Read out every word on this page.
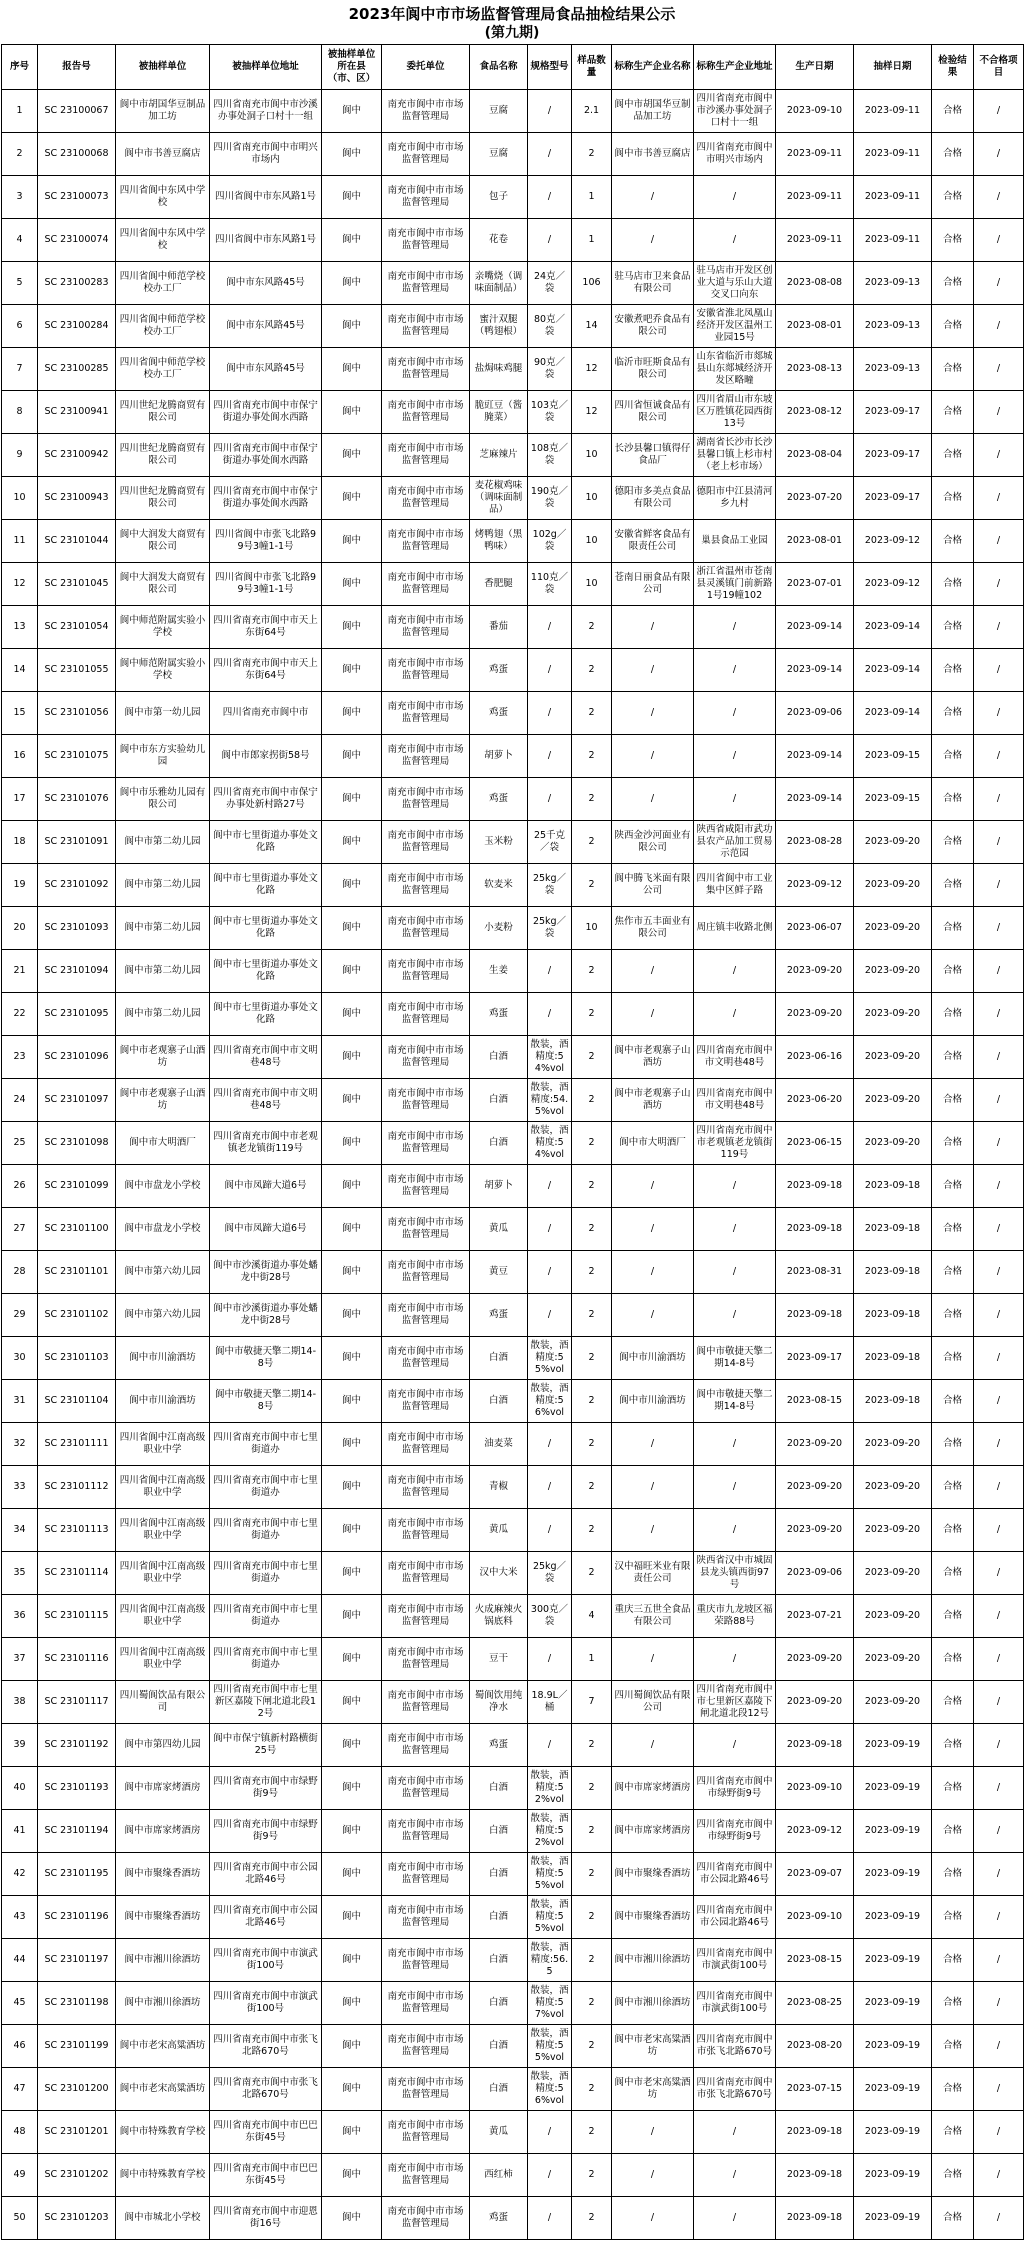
2023年阆中市市场监督管理局食品抽检结果公示
(第九期)
序号	报告号	被抽样单位	被抽样单位地址	被抽样单位所在县（市、区）	委托单位	食品名称	规格型号	样品数量	标称生产企业名称	标称生产企业地址	生产日期	抽样日期	检验结果	不合格项目
1	SC 23100067	阆中市胡国华豆制品加工坊	四川省南充市阆中市沙溪办事处洞子口村十一组	阆中	南充市阆中市市场监督管理局	豆腐	/	2.1	阆中市胡国华豆制品加工坊	四川省南充市阆中市沙溪办事处洞子口村十一组	2023-09-10	2023-09-11	合格	/
2	SC 23100068	阆中市书善豆腐店	四川省南充市阆中市明兴市场内	阆中	南充市阆中市市场监督管理局	豆腐	/	2	阆中市书善豆腐店	四川省南充市阆中市明兴市场内	2023-09-11	2023-09-11	合格	/
3	SC 23100073	四川省阆中东风中学校	四川省阆中市东风路1号	阆中	南充市阆中市市场监督管理局	包子	/	1	/	/	2023-09-11	2023-09-11	合格	/
4	SC 23100074	四川省阆中东风中学校	四川省阆中市东风路1号	阆中	南充市阆中市市场监督管理局	花卷	/	1	/	/	2023-09-11	2023-09-11	合格	/
5	SC 23100283	四川省阆中师范学校校办工厂	阆中市东风路45号	阆中	南充市阆中市市场监督管理局	亲嘴烧（调味面制品）	24克／袋	106	驻马店市卫来食品有限公司	驻马店市开发区创业大道与乐山大道交叉口向东	2023-08-08	2023-09-13	合格	/
6	SC 23100284	四川省阆中师范学校校办工厂	阆中市东风路45号	阆中	南充市阆中市市场监督管理局	蜜汁双腿（鸭翅根）	80克／袋	14	安徽煮吧乔食品有限公司	安徽省淮北凤凰山经济开发区温州工业园15号	2023-08-01	2023-09-13	合格	/
7	SC 23100285	四川省阆中师范学校校办工厂	阆中市东风路45号	阆中	南充市阆中市市场监督管理局	盐焗味鸡腿	90克／袋	12	临沂市旺斯食品有限公司	山东省临沂市郯城县山东郯城经济开发区略疃	2023-08-13	2023-09-13	合格	/
8	SC 23100941	四川世纪龙腾商贸有限公司	四川省南充市阆中市保宁街道办事处阆水西路	阆中	南充市阆中市市场监督管理局	脆豇豆（酱腌菜）	103克／袋	12	四川省恒诚食品有限公司	四川省眉山市东坡区万胜镇花园西街13号	2023-08-12	2023-09-17	合格	/
9	SC 23100942	四川世纪龙腾商贸有限公司	四川省南充市阆中市保宁街道办事处阆水西路	阆中	南充市阆中市市场监督管理局	芝麻辣片	108克／袋	10	长沙县馨口镇得仔食品厂	湖南省长沙市长沙县馨口镇上杉市村（老上杉市场）	2023-08-04	2023-09-17	合格	/
10	SC 23100943	四川世纪龙腾商贸有限公司	四川省南充市阆中市保宁街道办事处阆水西路	阆中	南充市阆中市市场监督管理局	麦花椒鸡味（调味面制品）	190克／袋	10	德阳市多美点食品有限公司	德阳市中江县清河乡九村	2023-07-20	2023-09-17	合格	/
11	SC 23101044	阆中大润发大商贸有限公司	四川省阆中市张飞北路99号3幢1-1号	阆中	南充市阆中市市场监督管理局	烤鸭翅（黑鸭味）	102g／袋	10	安徽省鲜客食品有限责任公司	巢县食品工业园	2023-08-01	2023-09-12	合格	/
12	SC 23101045	阆中大润发大商贸有限公司	四川省阆中市张飞北路99号3幢1-1号	阆中	南充市阆中市市场监督管理局	香肥腿	110克／袋	10	苍南日丽食品有限公司	浙江省温州市苍南县灵溪镇门前新路1号19幢102	2023-07-01	2023-09-12	合格	/
13	SC 23101054	阆中师范附属实验小学校	四川省南充市阆中市天上东街64号	阆中	南充市阆中市市场监督管理局	番茄	/	2	/	/	2023-09-14	2023-09-14	合格	/
14	SC 23101055	阆中师范附属实验小学校	四川省南充市阆中市天上东街64号	阆中	南充市阆中市市场监督管理局	鸡蛋	/	2	/	/	2023-09-14	2023-09-14	合格	/
15	SC 23101056	阆中市第一幼儿园	四川省南充市阆中市	阆中	南充市阆中市市场监督管理局	鸡蛋	/	2	/	/	2023-09-06	2023-09-14	合格	/
16	SC 23101075	阆中市东方实验幼儿园	阆中市郎家拐街58号	阆中	南充市阆中市市场监督管理局	胡萝卜	/	2	/	/	2023-09-14	2023-09-15	合格	/
17	SC 23101076	阆中市乐雅幼儿园有限公司	四川省南充市阆中市保宁办事处新村路27号	阆中	南充市阆中市市场监督管理局	鸡蛋	/	2	/	/	2023-09-14	2023-09-15	合格	/
18	SC 23101091	阆中市第二幼儿园	阆中市七里街道办事处文化路	阆中	南充市阆中市市场监督管理局	玉米粉	25千克／袋	2	陕西金沙河面业有限公司	陕西省咸阳市武功县农产品加工贸易示范园	2023-08-28	2023-09-20	合格	/
19	SC 23101092	阆中市第二幼儿园	阆中市七里街道办事处文化路	阆中	南充市阆中市市场监督管理局	软麦米	25kg／袋	2	阆中腾飞米面有限公司	四川省阆中市工业集中区鲜子路	2023-09-12	2023-09-20	合格	/
20	SC 23101093	阆中市第二幼儿园	阆中市七里街道办事处文化路	阆中	南充市阆中市市场监督管理局	小麦粉	25kg／袋	10	焦作市五丰面业有限公司	周庄镇丰收路北侧	2023-06-07	2023-09-20	合格	/
21	SC 23101094	阆中市第二幼儿园	阆中市七里街道办事处文化路	阆中	南充市阆中市市场监督管理局	生姜	/	2	/	/	2023-09-20	2023-09-20	合格	/
22	SC 23101095	阆中市第二幼儿园	阆中市七里街道办事处文化路	阆中	南充市阆中市市场监督管理局	鸡蛋	/	2	/	/	2023-09-20	2023-09-20	合格	/
23	SC 23101096	阆中市老观寨子山酒坊	四川省南充市阆中市文明巷48号	阆中	南充市阆中市市场监督管理局	白酒	散装，酒精度:54%vol	2	阆中市老观寨子山酒坊	四川省南充市阆中市文明巷48号	2023-06-16	2023-09-20	合格	/
24	SC 23101097	阆中市老观寨子山酒坊	四川省南充市阆中市文明巷48号	阆中	南充市阆中市市场监督管理局	白酒	散装，酒精度:54.5%vol	2	阆中市老观寨子山酒坊	四川省南充市阆中市文明巷48号	2023-06-20	2023-09-20	合格	/
25	SC 23101098	阆中市大明酒厂	四川省南充市阆中市老观镇老龙镇街119号	阆中	南充市阆中市市场监督管理局	白酒	散装，酒精度:54%vol	2	阆中市大明酒厂	四川省南充市阆中市老观镇老龙镇街119号	2023-06-15	2023-09-20	合格	/
26	SC 23101099	阆中市盘龙小学校	阆中市凤蹄大道6号	阆中	南充市阆中市市场监督管理局	胡萝卜	/	2	/	/	2023-09-18	2023-09-18	合格	/
27	SC 23101100	阆中市盘龙小学校	阆中市凤蹄大道6号	阆中	南充市阆中市市场监督管理局	黄瓜	/	2	/	/	2023-09-18	2023-09-18	合格	/
28	SC 23101101	阆中市第六幼儿园	阆中市沙溪街道办事处蟠龙中街28号	阆中	南充市阆中市市场监督管理局	黄豆	/	2	/	/	2023-08-31	2023-09-18	合格	/
29	SC 23101102	阆中市第六幼儿园	阆中市沙溪街道办事处蟠龙中街28号	阆中	南充市阆中市市场监督管理局	鸡蛋	/	2	/	/	2023-09-18	2023-09-18	合格	/
30	SC 23101103	阆中市川渝酒坊	阆中市敬捷天擎二期14-8号	阆中	南充市阆中市市场监督管理局	白酒	散装，酒精度:55%vol	2	阆中市川渝酒坊	阆中市敬捷天擎二期14-8号	2023-09-17	2023-09-18	合格	/
31	SC 23101104	阆中市川渝酒坊	阆中市敬捷天擎二期14-8号	阆中	南充市阆中市市场监督管理局	白酒	散装，酒精度:56%vol	2	阆中市川渝酒坊	阆中市敬捷天擎二期14-8号	2023-08-15	2023-09-18	合格	/
32	SC 23101111	四川省阆中江南高级职业中学	四川省南充市阆中市七里街道办	阆中	南充市阆中市市场监督管理局	油麦菜	/	2	/	/	2023-09-20	2023-09-20	合格	/
33	SC 23101112	四川省阆中江南高级职业中学	四川省南充市阆中市七里街道办	阆中	南充市阆中市市场监督管理局	青椒	/	2	/	/	2023-09-20	2023-09-20	合格	/
34	SC 23101113	四川省阆中江南高级职业中学	四川省南充市阆中市七里街道办	阆中	南充市阆中市市场监督管理局	黄瓜	/	2	/	/	2023-09-20	2023-09-20	合格	/
35	SC 23101114	四川省阆中江南高级职业中学	四川省南充市阆中市七里街道办	阆中	南充市阆中市市场监督管理局	汉中大米	25kg／袋	2	汉中福旺米业有限责任公司	陕西省汉中市城固县龙头镇西街97号	2023-09-06	2023-09-20	合格	/
36	SC 23101115	四川省阆中江南高级职业中学	四川省南充市阆中市七里街道办	阆中	南充市阆中市市场监督管理局	火成麻辣火锅底料	300克／袋	4	重庆三五世全食品有限公司	重庆市九龙坡区福荣路88号	2023-07-21	2023-09-20	合格	/
37	SC 23101116	四川省阆中江南高级职业中学	四川省南充市阆中市七里街道办	阆中	南充市阆中市市场监督管理局	豆干	/	1	/	/	2023-09-20	2023-09-20	合格	/
38	SC 23101117	四川蜀阆饮品有限公司	四川省南充市阆中市七里新区嘉陵下闸北道北段12号	阆中	南充市阆中市市场监督管理局	蜀阆饮用纯净水	18.9L／桶	7	四川蜀阆饮品有限公司	四川省南充市阆中市七里新区嘉陵下闸北道北段12号	2023-09-20	2023-09-20	合格	/
39	SC 23101192	阆中市第四幼儿园	阆中市保宁镇新村路横街25号	阆中	南充市阆中市市场监督管理局	鸡蛋	/	2	/	/	2023-09-18	2023-09-19	合格	/
40	SC 23101193	阆中市席家烤酒房	四川省南充市阆中市绿野街9号	阆中	南充市阆中市市场监督管理局	白酒	散装，酒精度:52%vol	2	阆中市席家烤酒房	四川省南充市阆中市绿野街9号	2023-09-10	2023-09-19	合格	/
41	SC 23101194	阆中市席家烤酒房	四川省南充市阆中市绿野街9号	阆中	南充市阆中市市场监督管理局	白酒	散装，酒精度:52%vol	2	阆中市席家烤酒房	四川省南充市阆中市绿野街9号	2023-09-12	2023-09-19	合格	/
42	SC 23101195	阆中市聚缘香酒坊	四川省南充市阆中市公园北路46号	阆中	南充市阆中市市场监督管理局	白酒	散装，酒精度:55%vol	2	阆中市聚缘香酒坊	四川省南充市阆中市公园北路46号	2023-09-07	2023-09-19	合格	/
43	SC 23101196	阆中市聚缘香酒坊	四川省南充市阆中市公园北路46号	阆中	南充市阆中市市场监督管理局	白酒	散装，酒精度:55%vol	2	阆中市聚缘香酒坊	四川省南充市阆中市公园北路46号	2023-09-10	2023-09-19	合格	/
44	SC 23101197	阆中市湘川徐酒坊	四川省南充市阆中市演武街100号	阆中	南充市阆中市市场监督管理局	白酒	散装，酒精度:56.5	2	阆中市湘川徐酒坊	四川省南充市阆中市演武街100号	2023-08-15	2023-09-19	合格	/
45	SC 23101198	阆中市湘川徐酒坊	四川省南充市阆中市演武街100号	阆中	南充市阆中市市场监督管理局	白酒	散装，酒精度:57%vol	2	阆中市湘川徐酒坊	四川省南充市阆中市演武街100号	2023-08-25	2023-09-19	合格	/
46	SC 23101199	阆中市老宋高粱酒坊	四川省南充市阆中市张飞北路670号	阆中	南充市阆中市市场监督管理局	白酒	散装，酒精度:55%vol	2	阆中市老宋高粱酒坊	四川省南充市阆中市张飞北路670号	2023-08-20	2023-09-19	合格	/
47	SC 23101200	阆中市老宋高粱酒坊	四川省南充市阆中市张飞北路670号	阆中	南充市阆中市市场监督管理局	白酒	散装，酒精度:56%vol	2	阆中市老宋高粱酒坊	四川省南充市阆中市张飞北路670号	2023-07-15	2023-09-19	合格	/
48	SC 23101201	阆中市特殊教育学校	四川省南充市阆中市巴巴东街45号	阆中	南充市阆中市市场监督管理局	黄瓜	/	2	/	/	2023-09-18	2023-09-19	合格	/
49	SC 23101202	阆中市特殊教育学校	四川省南充市阆中市巴巴东街45号	阆中	南充市阆中市市场监督管理局	西红柿	/	2	/	/	2023-09-18	2023-09-19	合格	/
50	SC 23101203	阆中市城北小学校	四川省南充市阆中市迎恩街16号	阆中	南充市阆中市市场监督管理局	鸡蛋	/	2	/	/	2023-09-18	2023-09-19	合格	/
